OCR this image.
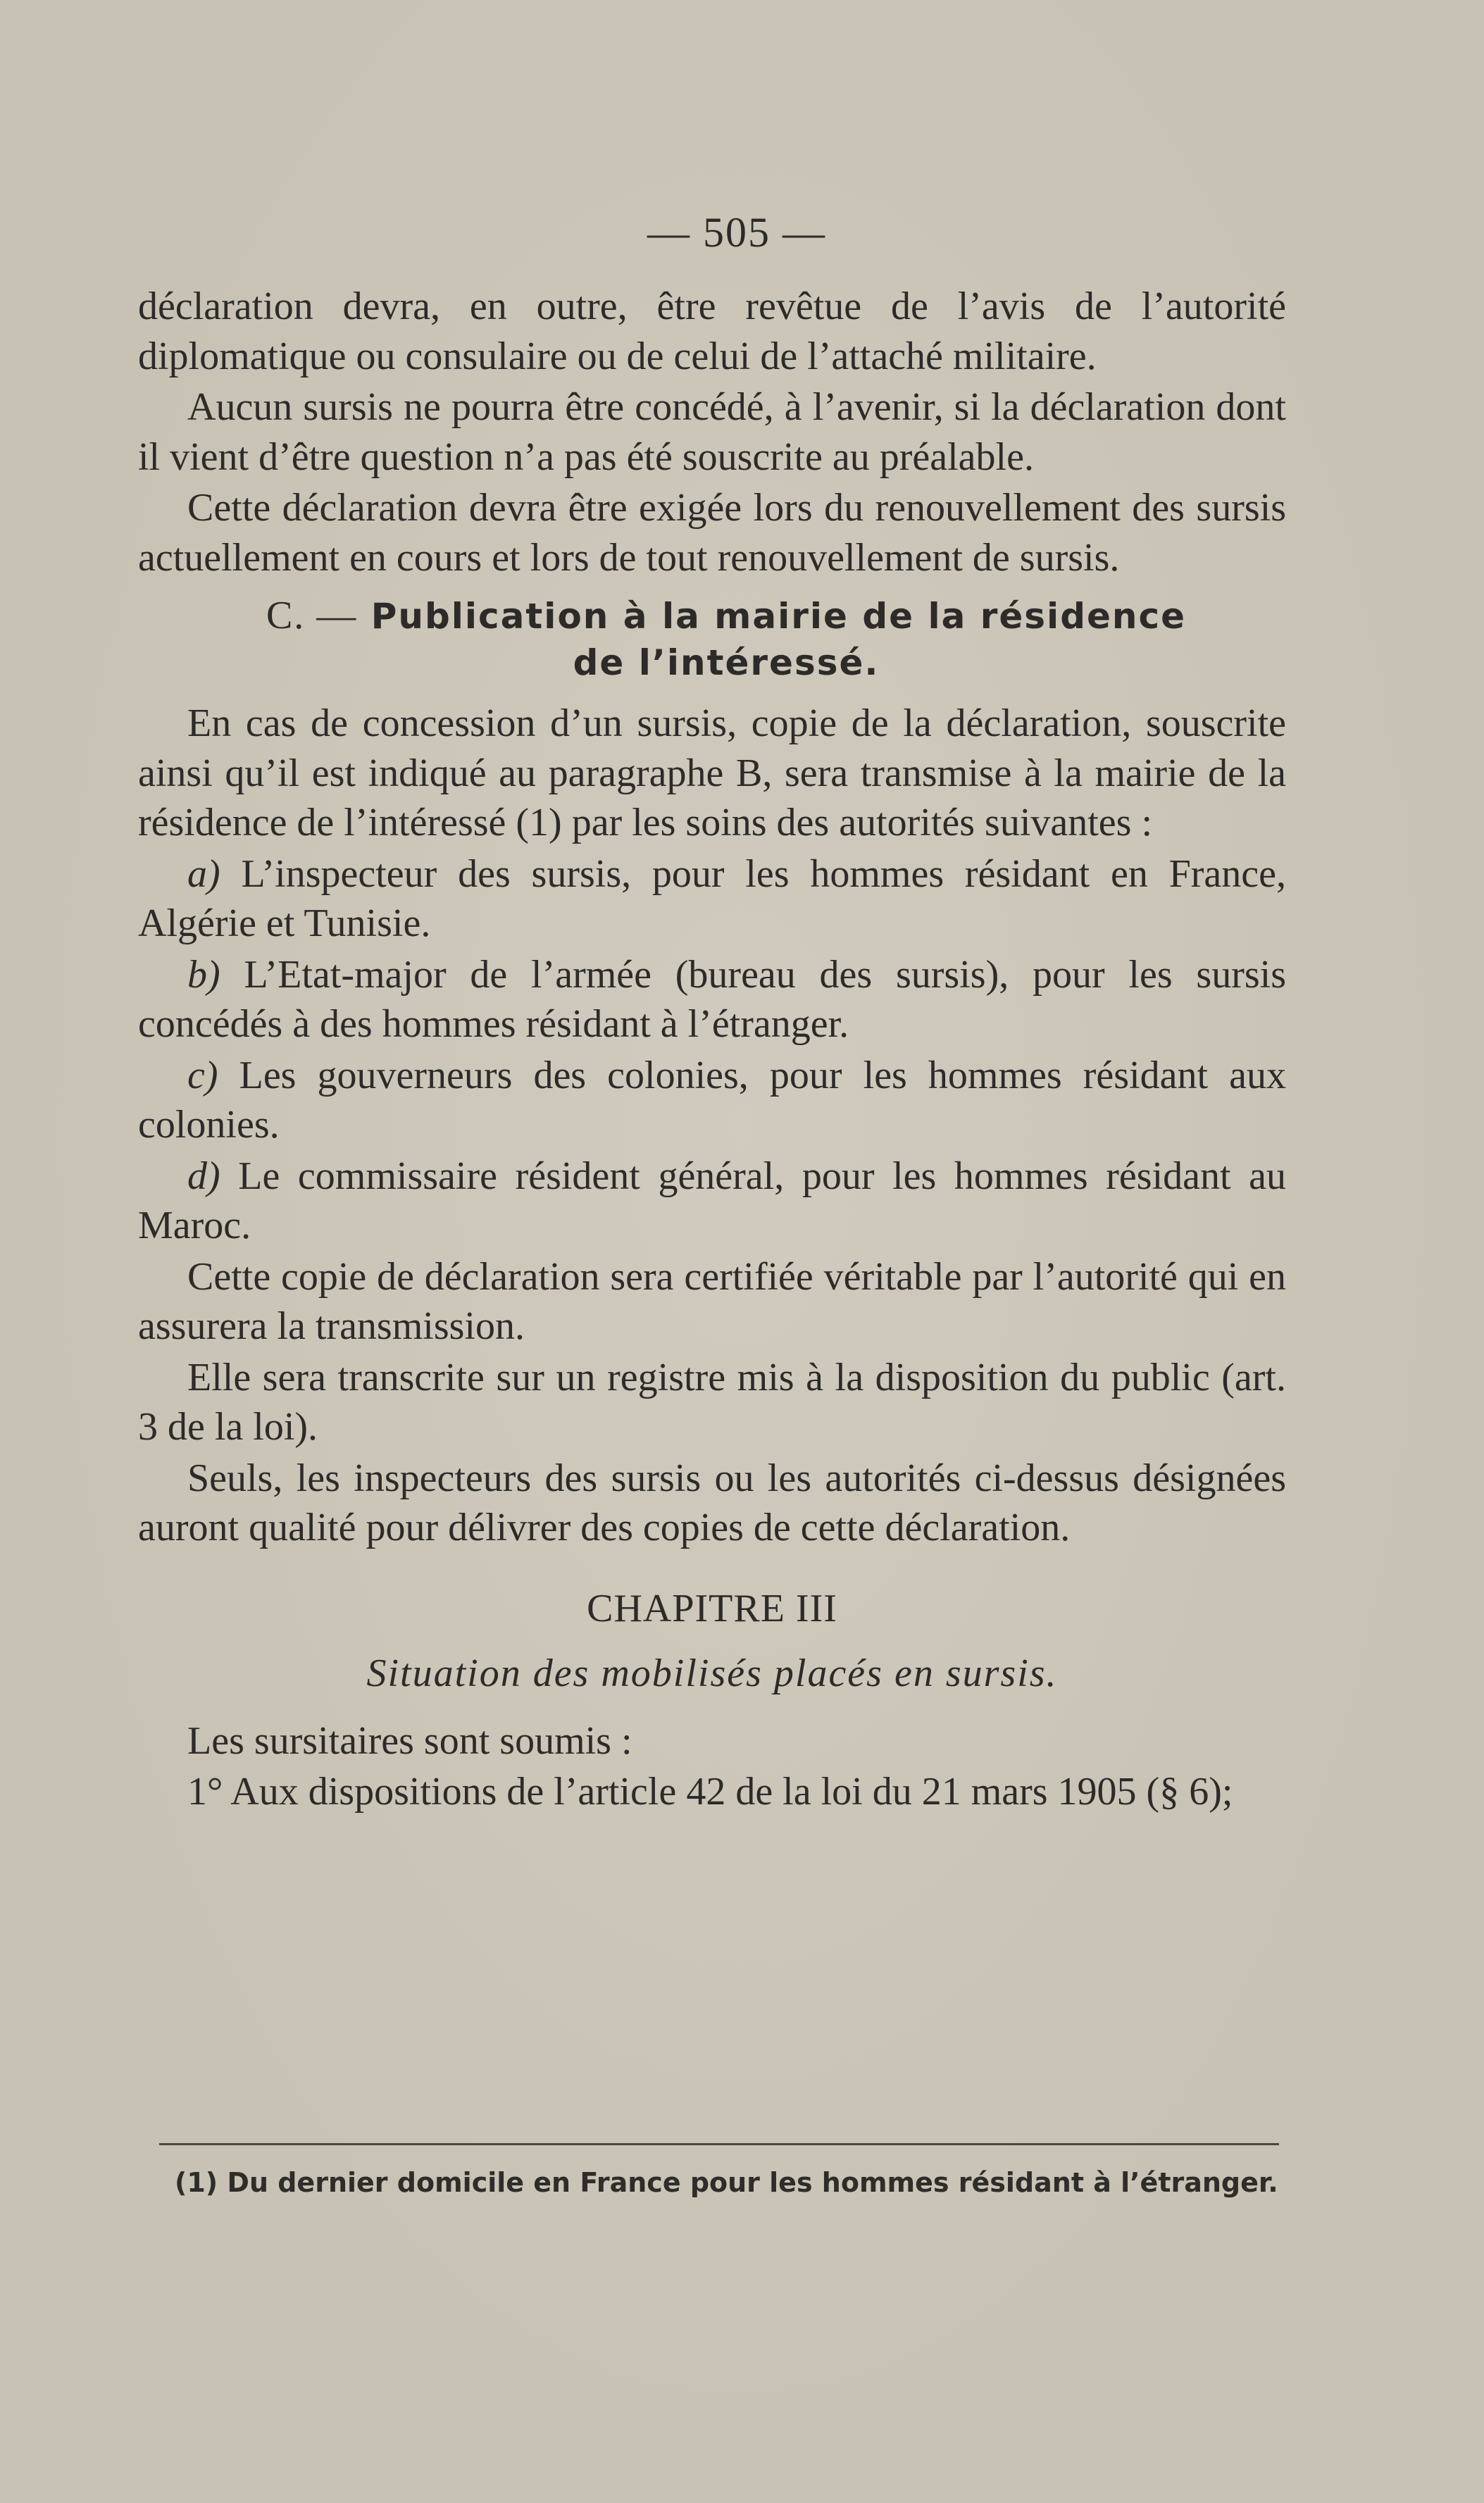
— 505 —

déclaration devra, en outre, être revêtue de l’avis de l’autorité diplomatique ou consulaire ou de celui de l’attaché militaire.

Aucun sursis ne pourra être concédé, à l’avenir, si la déclaration dont il vient d’être question n’a pas été souscrite au préalable.

Cette déclaration devra être exigée lors du renouvellement des sursis actuellement en cours et lors de tout renouvellement de sursis.

C. — Publication à la mairie de la résidence
de l’intéressé.

En cas de concession d’un sursis, copie de la déclaration, souscrite ainsi qu’il est indiqué au paragraphe B, sera transmise à la mairie de la résidence de l’intéressé (1) par les soins des autorités suivantes :

a) L’inspecteur des sursis, pour les hommes résidant en France, Algérie et Tunisie.

b) L’Etat-major de l’armée (bureau des sursis), pour les sursis concédés à des hommes résidant à l’étranger.

c) Les gouverneurs des colonies, pour les hommes résidant aux colonies.

d) Le commissaire résident général, pour les hommes résidant au Maroc.

Cette copie de déclaration sera certifiée véritable par l’autorité qui en assurera la transmission.

Elle sera transcrite sur un registre mis à la disposition du public (art. 3 de la loi).

Seuls, les inspecteurs des sursis ou les autorités ci-dessus désignées auront qualité pour délivrer des copies de cette déclaration.

CHAPITRE III
Situation des mobilisés placés en sursis.

Les sursitaires sont soumis :

1° Aux dispositions de l’article 42 de la loi du 21 mars 1905 (§ 6);

(1) Du dernier domicile en France pour les hommes résidant à l’étranger.
